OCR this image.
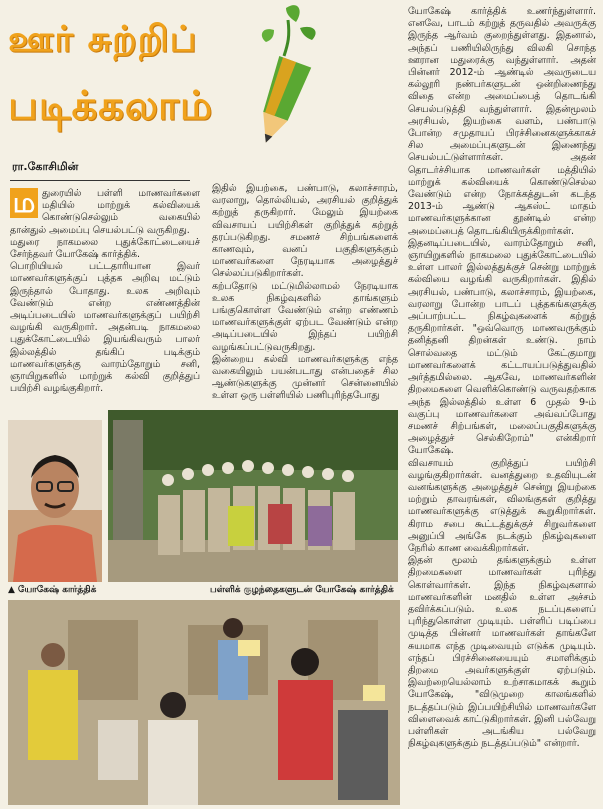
ஊர் சுற்றிப்
படிக்கலாம்
ரா.கோசிமின்
ம துரையில் பள்ளி மாணவர்களை மதியில் மாற்றுக் கல்வியைக் கொண்டுசெல்லும் வகையில் தான்துல் அமைப்பு செயல்பட்டு வருகிறது.

மதுரை நாகமலை புதுக்கோட்டையைச் சேர்ந்தவர் யோகேஷ் கார்த்திக்.

பொறியியல் பட்டதாரியான இவர் மாணவர்களுக்குப் புத்தக அறிவு மட்டும் இருந்தால் போதாது. உலக அறிவும் வேண்டும் என்ற எண்ணத்தின் அடிப்படையில் மாணவர்களுக்குப் பயிற்சி வழங்கி வருகிறார். அதன்படி நாகமலை புதுக்கோட்டையில் இயங்கிவரும் பாலர் இல்லத்தில் தங்கிப் படிக்கும் மாணவர்களுக்கு வாரம்தோறும் சனி, ஞாயிறுகளில் மாற்றுக் கல்வி குறித்துப் பயிற்சி வழங்குகிறார்.

இதில் இயற்கை, பண்பாடு, கலாச்சாரம், வரலாறு, தொல்லியல், அரசியல் குறித்துக் கற்றுத் தருகிறார். மேலும் இயற்கை விவசாயப் பயிற்சிகள் குறித்துக் கற்றுத் தரப்படுகிறது. சமணச் சிற்பங்களைக் காணவும், வனப் பகுதிகளுக்கும் மாணவர்களை நேரடியாக அழைத்துச் செல்லப்படுகிறார்கள்.

கற்பதோடு மட்டுமில்லாமல் நேரடியாக உலக நிகழ்வுகளில் தாங்களும் பங்குகொள்ள வேண்டும் என்ற எண்ணம் மாணவர்களுக்குள் ஏற்பட வேண்டும் என்ற அடிப்படையில் இந்தப் பயிற்சி வழங்கப்பட்டுவருகிறது.

இன்றைய கல்வி மாணவர்களுக்கு எந்த வகையிலும் பயன்படாது என்பதைச் சில ஆண்டுகளுக்கு முன்னர் சென்னையில் உள்ள ஒரு பள்ளியில் பணிபுரிந்தபோது

யோகேஷ் கார்த்திக் உணர்ந்துள்ளார். எனவே, பாடம் கற்றுத் தருவதில் அவருக்கு இருந்த ஆர்வம் குறைந்துள்ளது. இதனால், அந்தப் பணியிலிருந்து விலகி சொந்த ஊரான மதுரைக்கு வந்துள்ளார். அதன் பின்னர் 2012-ம் ஆண்டில் அவருடைய கல்லூரி நண்பர்களுடன் ஒன்றிணைந்து விதை என்ற அமைப்பைத் தொடங்கி செயல்படுத்தி வந்துள்ளார். இதன்மூலம் அரசியல், இயற்கை வளம், பண்பாடு போன்ற சமுதாயப் பிரச்சினைகளுக்காகச் சில அமைப்புகளுடன் இணைந்து செயல்பட்டுள்ளார்கள். அதன் தொடர்ச்சியாக மாணவர்கள் மத்தியில் மாற்றுக் கல்வியைக் கொண்டுசெல்ல வேண்டும் என்ற நோக்கத்துடன் கடந்த 2013-ம் ஆண்டு ஆகஸ்ட் மாதம் மாணவர்களுக்கான தூண்டில் என்ற அமைப்பைத் தொடங்கியிருக்கிறார்கள்.

இதனடிப்படையில், வாரம்தோறும் சனி, ஞாயிறுகளில் நாகமலை புதுக்கோட்டையில் உள்ள பாலர் இல்லத்துக்குச் சென்று மாற்றுக் கல்வியை வழங்கி வருகிறார்கள். இதில் அரசியல், பண்பாடு, கலாச்சாரம், இயற்கை, வரலாறு போன்ற பாடப் புத்தகங்களுக்கு அப்பாற்பட்ட நிகழ்வுகளைக் கற்றுத் தருகிறார்கள். "ஒவ்வொரு மாணவருக்கும் தனித்தனி திறன்கள் உண்டு. நாம் சொல்வதை மட்டும் கேட்குமாறு மாணவர்களைக் கட்டாயப்படுத்துவதில் அர்த்தமில்லை. ஆகவே, மாணவர்களின் திறமைகளை வெளிக்கொண்டு வருவதற்காக அந்த இல்லத்தில் உள்ள 6 முதல் 9-ம் வகுப்பு மாணவர்களை அவ்வப்போது சமணச் சிற்பங்கள், மலைப்பகுதிகளுக்கு அழைத்துச் செல்கிறோம்" என்கிறார் யோகேஷ்.

விவசாயம் குறித்துப் பயிற்சி வழங்குகிறார்கள். வனத்துறை உதவியுடன் வனங்களுக்கு அழைத்துச் சென்று இயற்கை மற்றும் தாவரங்கள், விலங்குகள் குறித்து மாணவர்களுக்கு எடுத்துக் கூறுகிறார்கள். கிராம சபை கூட்டத்துக்குச் சிறுவர்களை அனுப்பி அங்கே நடக்கும் நிகழ்வுகளை நேரில் காண வைக்கிறார்கள்.

இதன் மூலம் தங்களுக்கும் உள்ள திறமைகளை மாணவர்கள் புரிந்து கொள்வார்கள். இந்த நிகழ்வுகளால் மாணவர்களின் மனதில் உள்ள அச்சம் தவிர்க்கப்படும். உலக நடப்புகளைப் புரிந்துகொள்ள முடியும். பள்ளிப் படிப்பை முடித்த பின்னர் மாணவர்கள் தாங்களே சுயமாக எந்த முடிவையும் எடுக்க முடியும். எந்தப் பிரச்சினையையும் சமாளிக்கும் திறமை அவர்களுக்குள் ஏற்படும். இவற்றையெல்லாம் உற்சாகமாகக் கூறும் யோகேஷ், "விடுமுறை காலங்களில் நடத்தப்படும் இப்பயிற்சியில் மாணவர்களே விளைவைக் காட்டுகிறார்கள். இனி பல்வேறு பள்ளிகள் அடங்கிய பல்வேறு நிகழ்வுகளுக்கும் நடத்தப்படும்" என்றார்.

▲ யோகேஷ் கார்த்திக்	பள்ளிக் குழந்தைகளுடன் யோகேஷ் கார்த்திக்
